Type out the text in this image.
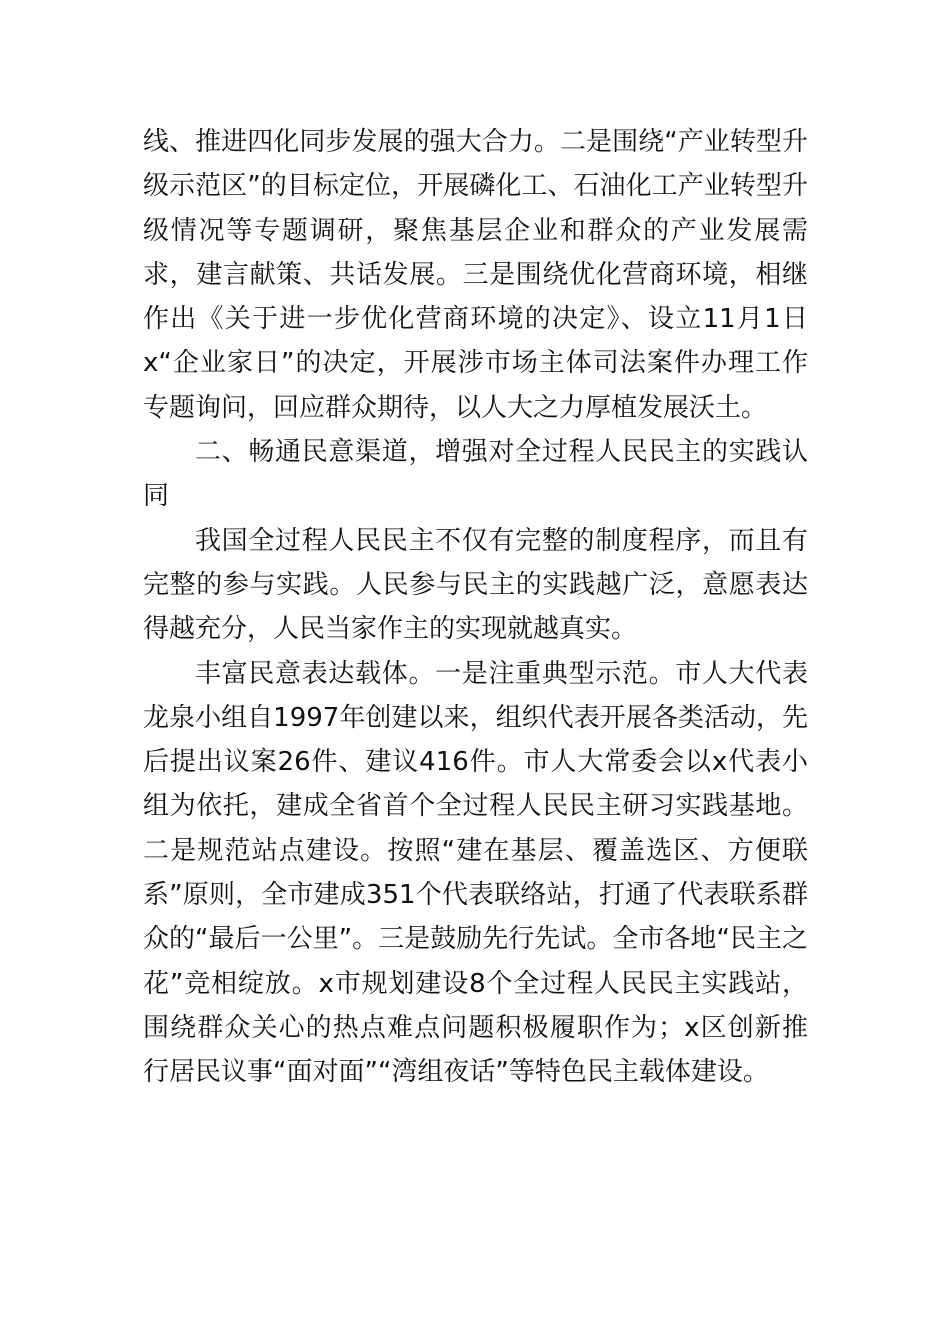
线、推进四化同步发展的强大合力。二是围绕“产业转型升级示范区”的目标定位，开展磷化工、石油化工产业转型升级情况等专题调研，聚焦基层企业和群众的产业发展需求，建言献策、共话发展。三是围绕优化营商环境，相继作出《关于进一步优化营商环境的决定》、设立11月1日x“企业家日”的决定，开展涉市场主体司法案件办理工作专题询问，回应群众期待，以人大之力厚植发展沃土。

二、畅通民意渠道，增强对全过程人民民主的实践认同

我国全过程人民民主不仅有完整的制度程序，而且有完整的参与实践。人民参与民主的实践越广泛，意愿表达得越充分，人民当家作主的实现就越真实。

丰富民意表达载体。一是注重典型示范。市人大代表龙泉小组自1997年创建以来，组织代表开展各类活动，先后提出议案26件、建议416件。市人大常委会以x代表小组为依托，建成全省首个全过程人民民主研习实践基地。二是规范站点建设。按照“建在基层、覆盖选区、方便联系”原则，全市建成351个代表联络站，打通了代表联系群众的“最后一公里”。三是鼓励先行先试。全市各地“民主之花”竞相绽放。x市规划建设8个全过程人民民主实践站，围绕群众关心的热点难点问题积极履职作为；x区创新推行居民议事“面对面”“湾组夜话”等特色民主载体建设。
